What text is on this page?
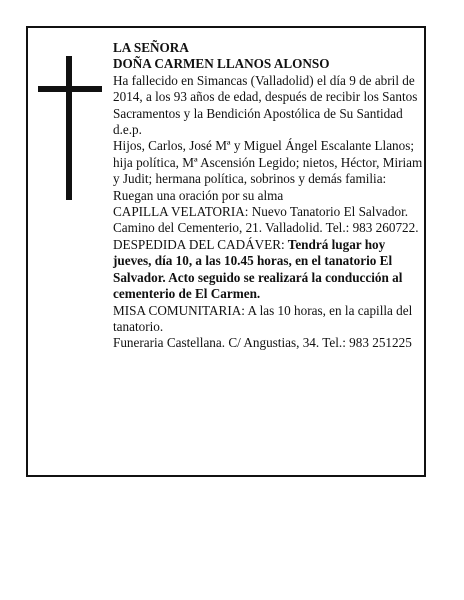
LA SEÑORA

DOÑA CARMEN LLANOS ALONSO

Ha fallecido en Simancas (Valladolid) el día 9 de abril de 2014, a los 93 años de edad, después de recibir los Santos Sacramentos y la Bendición Apostólica de Su Santidad

d.e.p.

Hijos, Carlos, José Mª y Miguel Ángel Escalante Llanos; hija política, Mª Ascensión Legido; nietos, Héctor, Miriam y Judit; hermana política, sobrinos y demás familia:

Ruegan una oración por su alma

CAPILLA VELATORIA: Nuevo Tanatorio El Salvador. Camino del Cementerio, 21. Valladolid. Tel.: 983 260722.

DESPEDIDA DEL CADÁVER: Tendrá lugar hoy jueves, día 10, a las 10.45 horas, en el tanatorio El Salvador. Acto seguido se realizará la conducción al cementerio de El Carmen.

MISA COMUNITARIA: A las 10 horas, en la capilla del tanatorio.

Funeraria Castellana. C/ Angustias, 34. Tel.: 983 251225
